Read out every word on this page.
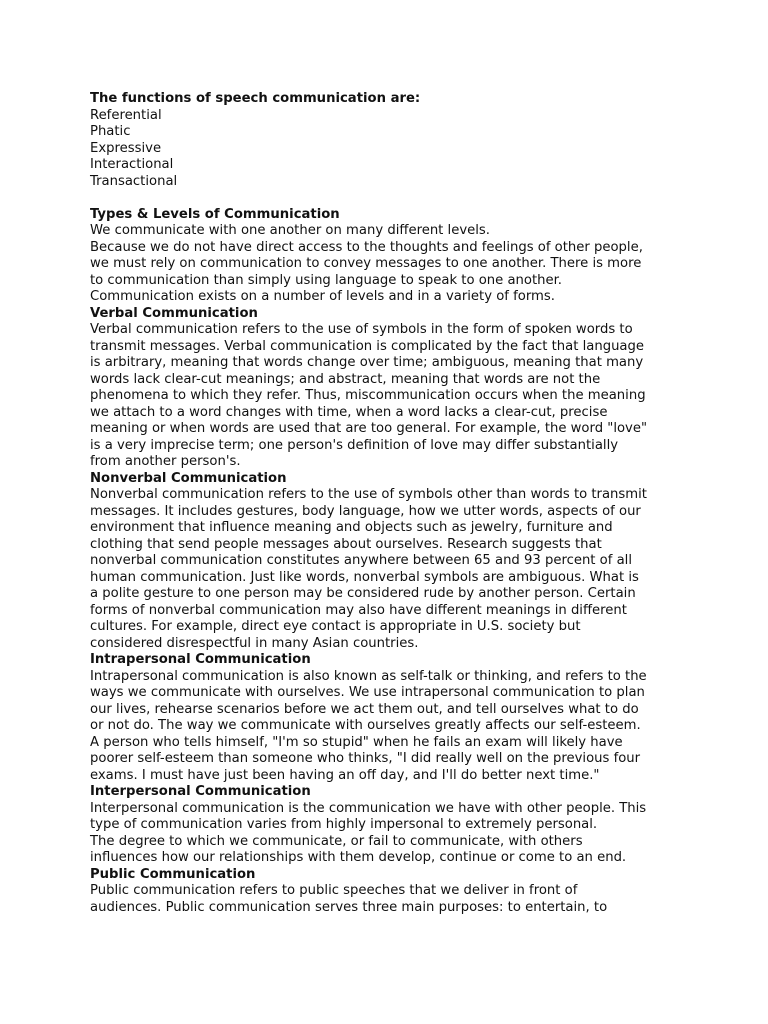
The functions of speech communication are:
Referential
Phatic
Expressive
Interactional
Transactional
Types & Levels of Communication
We communicate with one another on many different levels.
Because we do not have direct access to the thoughts and feelings of other people,
we must rely on communication to convey messages to one another. There is more
to communication than simply using language to speak to one another.
Communication exists on a number of levels and in a variety of forms.
Verbal Communication
Verbal communication refers to the use of symbols in the form of spoken words to
transmit messages. Verbal communication is complicated by the fact that language
is arbitrary, meaning that words change over time; ambiguous, meaning that many
words lack clear-cut meanings; and abstract, meaning that words are not the
phenomena to which they refer. Thus, miscommunication occurs when the meaning
we attach to a word changes with time, when a word lacks a clear-cut, precise
meaning or when words are used that are too general. For example, the word "love"
is a very imprecise term; one person's definition of love may differ substantially
from another person's.
Nonverbal Communication
Nonverbal communication refers to the use of symbols other than words to transmit
messages. It includes gestures, body language, how we utter words, aspects of our
environment that influence meaning and objects such as jewelry, furniture and
clothing that send people messages about ourselves. Research suggests that
nonverbal communication constitutes anywhere between 65 and 93 percent of all
human communication. Just like words, nonverbal symbols are ambiguous. What is
a polite gesture to one person may be considered rude by another person. Certain
forms of nonverbal communication may also have different meanings in different
cultures. For example, direct eye contact is appropriate in U.S. society but
considered disrespectful in many Asian countries.
Intrapersonal Communication
Intrapersonal communication is also known as self-talk or thinking, and refers to the
ways we communicate with ourselves. We use intrapersonal communication to plan
our lives, rehearse scenarios before we act them out, and tell ourselves what to do
or not do. The way we communicate with ourselves greatly affects our self-esteem.
A person who tells himself, "I'm so stupid" when he fails an exam will likely have
poorer self-esteem than someone who thinks, "I did really well on the previous four
exams. I must have just been having an off day, and I'll do better next time."
Interpersonal Communication
Interpersonal communication is the communication we have with other people. This
type of communication varies from highly impersonal to extremely personal.
The degree to which we communicate, or fail to communicate, with others
influences how our relationships with them develop, continue or come to an end.
Public Communication
Public communication refers to public speeches that we deliver in front of
audiences. Public communication serves three main purposes: to entertain, to
